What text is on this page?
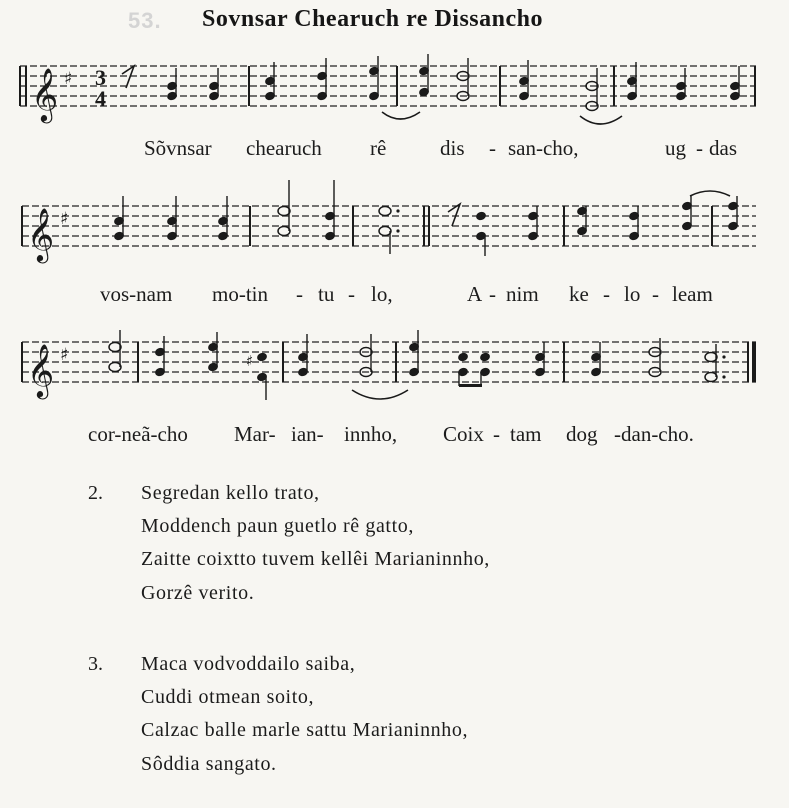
53. Sovnsar Chearuch re Dissancho
𝄞 ♯ 3
4
Sõvnsar chearuch rê	dis - san-cho,	ug - das
𝄞 ♯
vos-nam mo-tin - tu - lo,	A - nim ke - lo - leam
𝄞 ♯	♯
cor-neã-cho Mar- ian- innho, Coix - tam dog -dan-cho.
2. Segredan kello trato,
Moddench paun guetlo rê gatto,
Zaitte coixtto tuvem kellêi Marianinnho,
Gorzê verito.
3. Maca vodvoddailo saiba,
Cuddi otmean soito,
Calzac balle marle sattu Marianinnho,
Sôddia sangato.
